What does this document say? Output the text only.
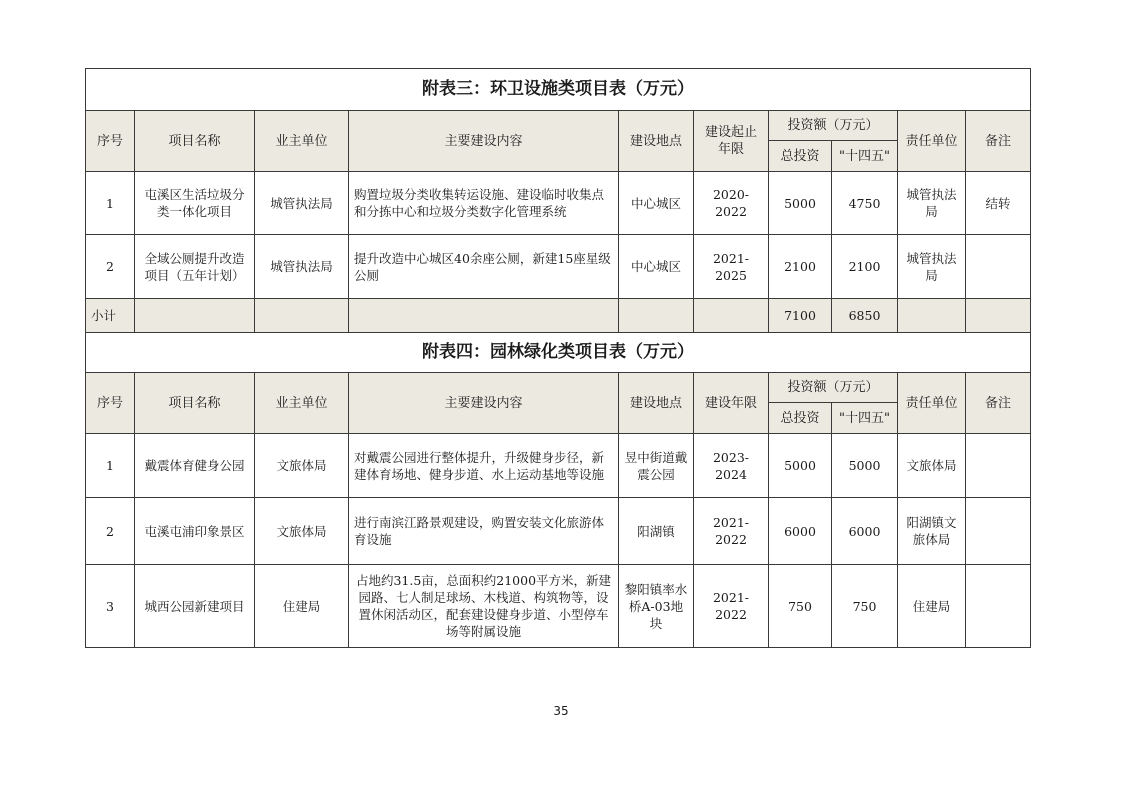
附表三：环卫设施类项目表（万元）									
序号	项目名称	业主单位	主要建设内容	建设地点	建设起止年限	投资额（万元）		责任单位	备注
						总投资	"十四五"		
1	屯溪区生活垃圾分类一体化项目	城管执法局	购置垃圾分类收集转运设施、建设临时收集点和分拣中心和垃圾分类数字化管理系统	中心城区	2020-2022	5000	4750	城管执法局	结转
2	全域公厕提升改造项目（五年计划）	城管执法局	提升改造中心城区40余座公厕，新建15座星级公厕	中心城区	2021-2025	2100	2100	城管执法局	
小计						7100	6850		
附表四：园林绿化类项目表（万元）									
序号	项目名称	业主单位	主要建设内容	建设地点	建设年限	投资额（万元）		责任单位	备注
						总投资	"十四五"		
1	戴震体育健身公园	文旅体局	对戴震公园进行整体提升，升级健身步径，新建体育场地、健身步道、水上运动基地等设施	昱中街道戴震公园	2023-2024	5000	5000	文旅体局	
2	屯溪屯浦印象景区	文旅体局	进行南滨江路景观建设，购置安装文化旅游体育设施	阳湖镇	2021-2022	6000	6000	阳湖镇文旅体局	
3	城西公园新建项目	住建局	占地约31.5亩，总面积约21000平方米，新建园路、七人制足球场、木栈道、构筑物等，设置休闲活动区，配套建设健身步道、小型停车场等附属设施	黎阳镇率水桥A-03地块	2021-2022	750	750	住建局	
35
